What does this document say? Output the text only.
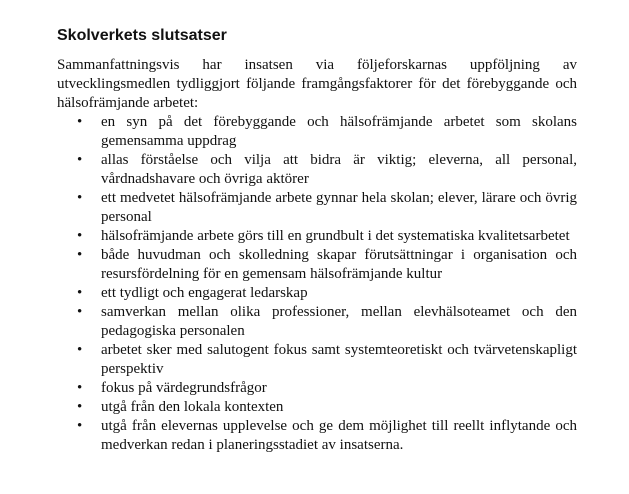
Skolverkets slutsatser

Sammanfattningsvis har insatsen via följeforskarnas uppföljning av utvecklingsmedlen tydliggjort följande framgångsfaktorer för det förebyggande och hälsofrämjande arbetet:

• en syn på det förebyggande och hälsofrämjande arbetet som skolans gemensamma uppdrag
• allas förståelse och vilja att bidra är viktig; eleverna, all personal, vårdnadshavare och övriga aktörer
• ett medvetet hälsofrämjande arbete gynnar hela skolan; elever, lärare och övrig personal
• hälsofrämjande arbete görs till en grundbult i det systematiska kvalitetsarbetet
• både huvudman och skolledning skapar förutsättningar i organisation och resursfördelning för en gemensam hälsofrämjande kultur
• ett tydligt och engagerat ledarskap
• samverkan mellan olika professioner, mellan elevhälsoteamet och den pedagogiska personalen
• arbetet sker med salutogent fokus samt systemteoretiskt och tvärvetenskapligt perspektiv
• fokus på värdegrundsfrågor
• utgå från den lokala kontexten
• utgå från elevernas upplevelse och ge dem möjlighet till reellt inflytande och medverkan redan i planeringsstadiet av insatserna.
